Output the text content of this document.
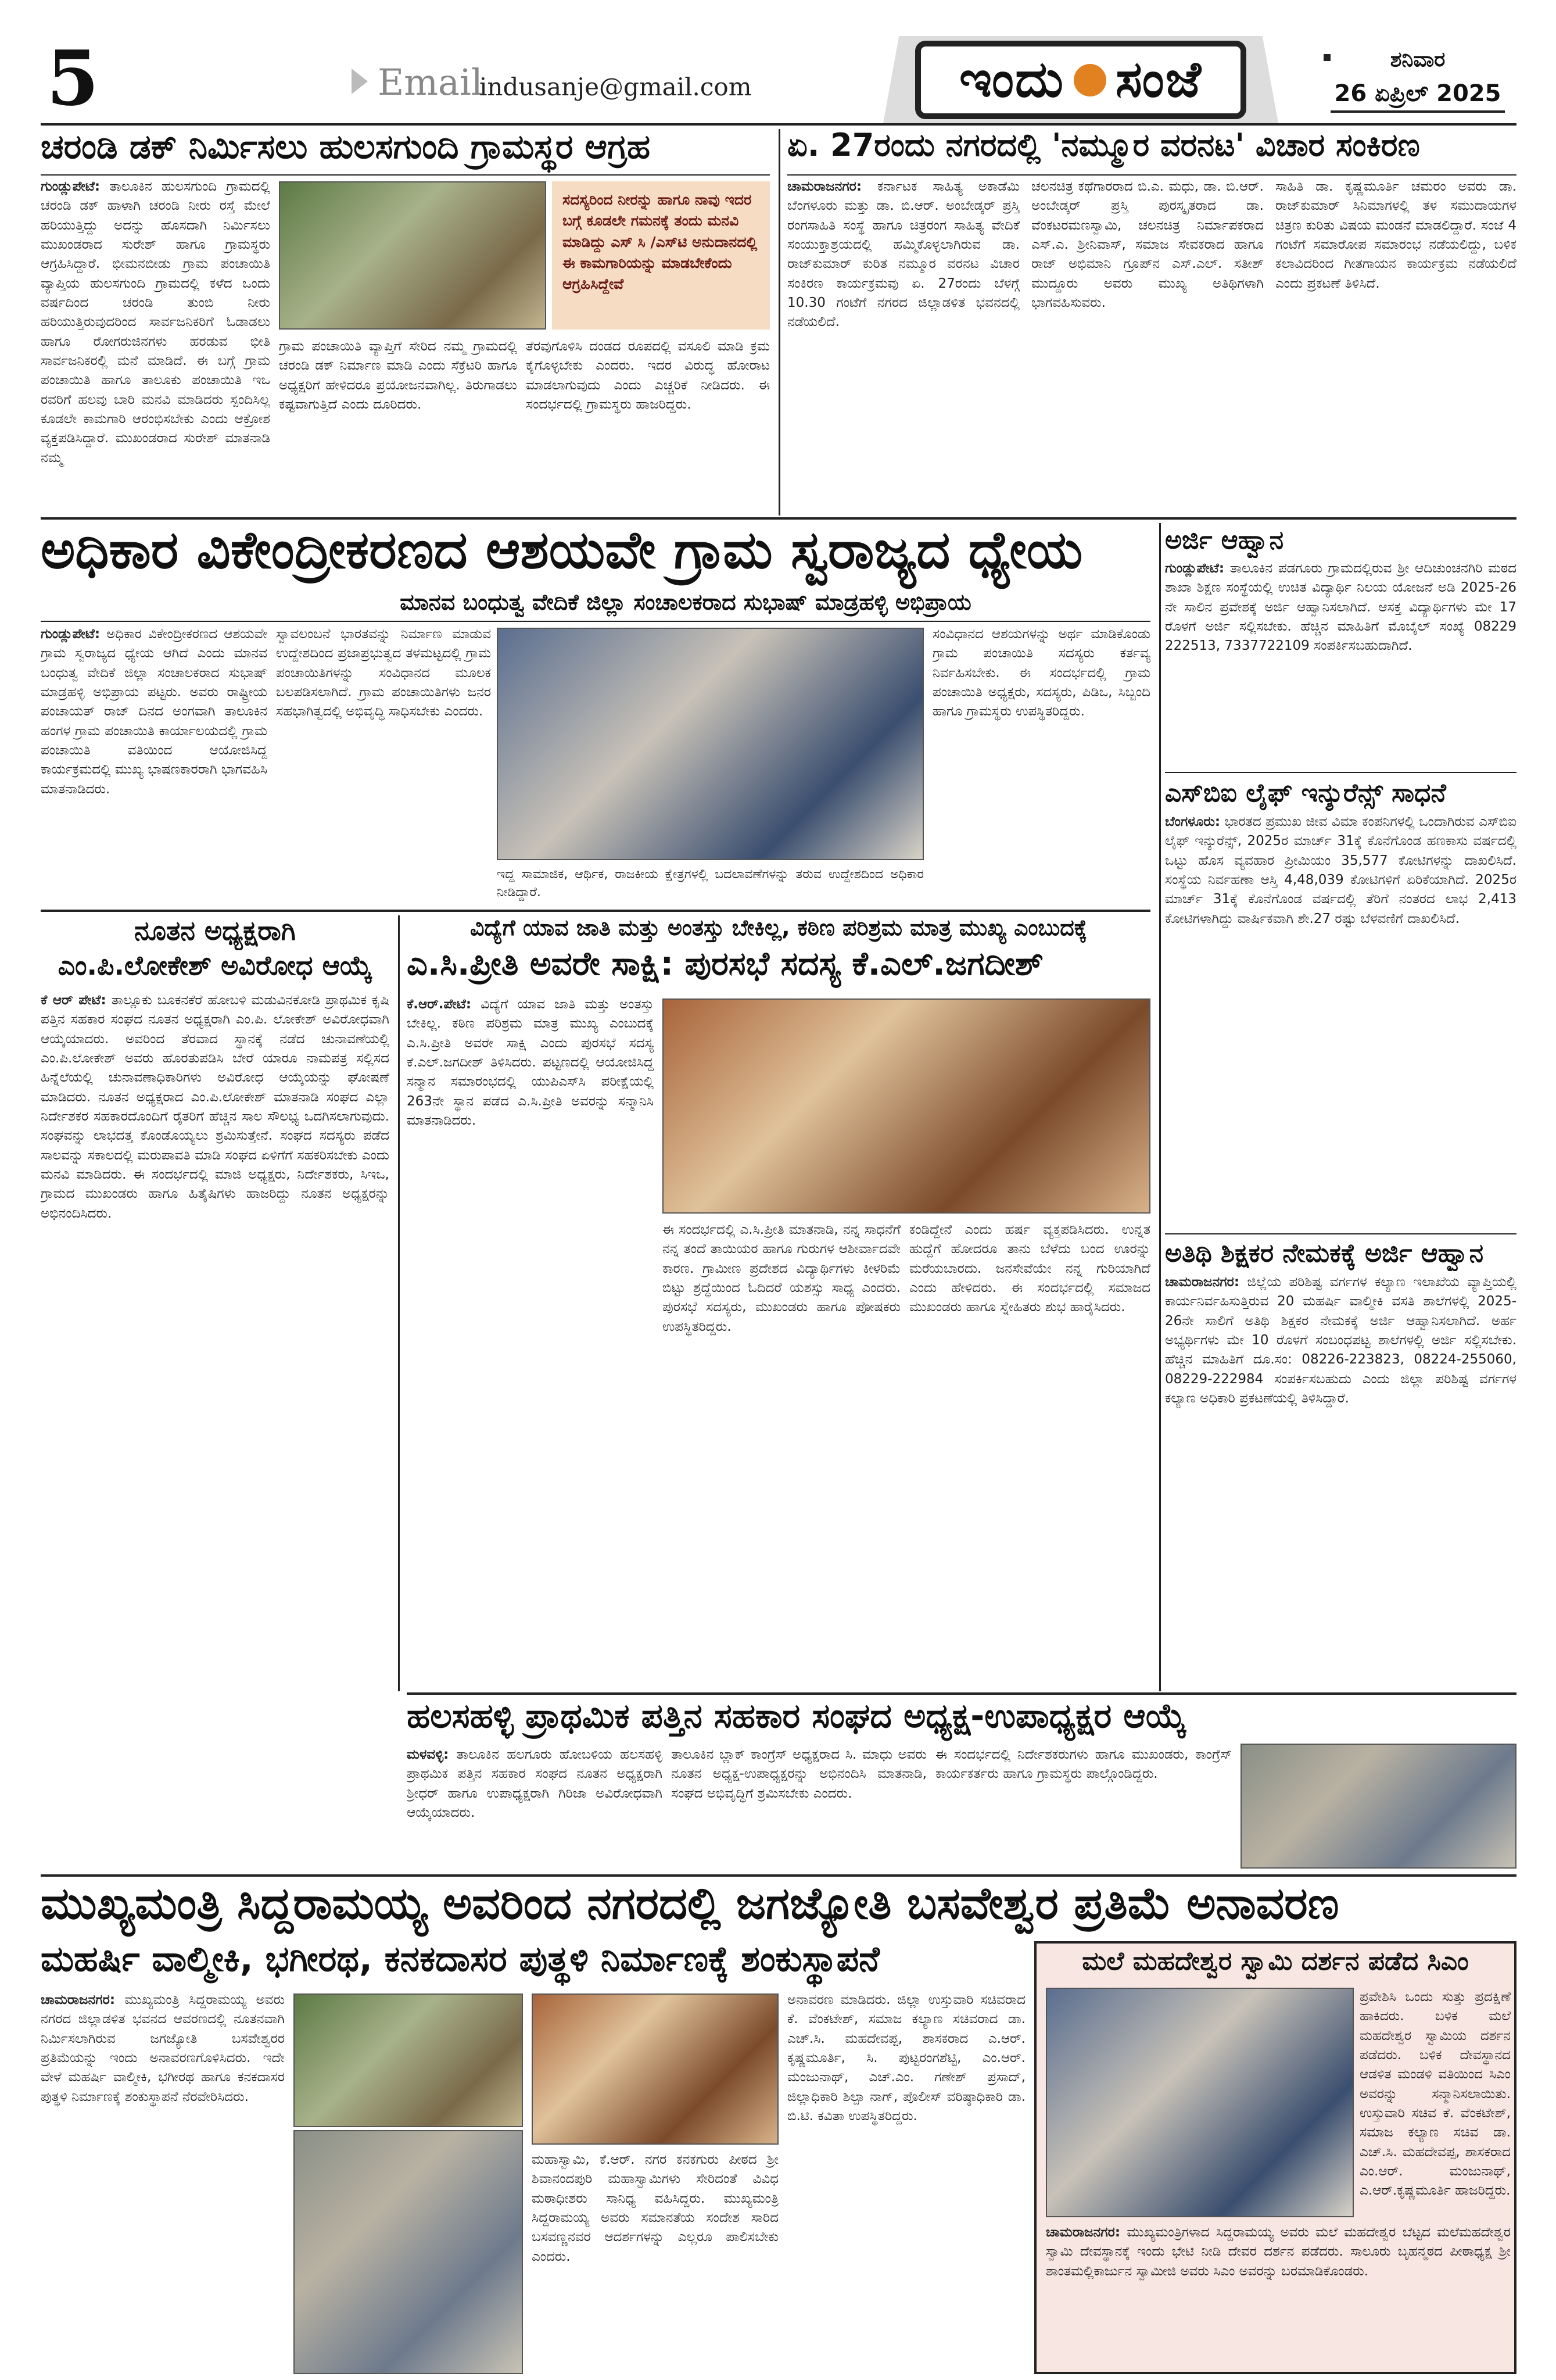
5	Email
indusanje@gmail.com	ಇಂದು ಸಂಜೆ	ಶನಿವಾರ
26 ಏಪ್ರಿಲ್ 2025
ಚರಂಡಿ ಡಕ್ ನಿರ್ಮಿಸಲು ಹುಲಸಗುಂದಿ ಗ್ರಾಮಸ್ಥರ ಆಗ್ರಹ
ಗುಂಡ್ಲುಪೇಟೆ: ತಾಲೂಕಿನ ಹುಲಸಗುಂದಿ ಗ್ರಾಮದಲ್ಲಿ ಚರಂಡಿ ಡಕ್ ಹಾಳಾಗಿ ಚರಂಡಿ ನೀರು ರಸ್ತೆ ಮೇಲೆ ಹರಿಯುತ್ತಿದ್ದು ಅದನ್ನು ಹೊಸದಾಗಿ ನಿರ್ಮಿಸಲು ಮುಖಂಡರಾದ ಸುರೇಶ್ ಹಾಗೂ ಗ್ರಾಮಸ್ಥರು ಆಗ್ರಹಿಸಿದ್ದಾರೆ. ಭೀಮನಬೀಡು ಗ್ರಾಮ ಪಂಚಾಯಿತಿ ವ್ಯಾಪ್ತಿಯ ಹುಲಸಗುಂದಿ ಗ್ರಾಮದಲ್ಲಿ ಕಳೆದ ಒಂದು ವರ್ಷದಿಂದ ಚರಂಡಿ ತುಂಬಿ ನೀರು ಹರಿಯುತ್ತಿರುವುದರಿಂದ ಸಾರ್ವಜನಿಕರಿಗೆ ಓಡಾಡಲು ಹಾಗೂ ರೋಗರುಜಿನಗಳು ಹರಡುವ ಭೀತಿ ಸಾರ್ವಜನಿಕರಲ್ಲಿ ಮನೆ ಮಾಡಿದೆ. ಈ ಬಗ್ಗೆ ಗ್ರಾಮ ಪಂಚಾಯಿತಿ ಹಾಗೂ ತಾಲೂಕು ಪಂಚಾಯಿತಿ ಇಒ ರವರಿಗೆ ಹಲವು ಬಾರಿ ಮನವಿ ಮಾಡಿದರು ಸ್ಪಂದಿಸಿಲ್ಲ ಕೂಡಲೇ ಕಾಮಗಾರಿ ಆರಂಭಿಸಬೇಕು ಎಂದು ಆಕ್ರೋಶ ವ್ಯಕ್ತಪಡಿಸಿದ್ದಾರೆ. ಮುಖಂಡರಾದ ಸುರೇಶ್ ಮಾತನಾಡಿ ನಮ್ಮ
ಸದಸ್ಯರಿಂದ ನೀರನ್ನು ಹಾಗೂ ನಾವು ಇದರ ಬಗ್ಗೆ ಕೂಡಲೇ ಗಮನಕ್ಕೆ ತಂದು ಮನವಿ ಮಾಡಿದ್ದು ಎಸ್ ಸಿ /ಎಸ್‌ಟಿ ಅನುದಾನದಲ್ಲಿ ಈ ಕಾಮಗಾರಿಯನ್ನು ಮಾಡಬೇಕೆಂದು ಆಗ್ರಹಿಸಿದ್ದೇವೆ
ಗ್ರಾಮ ಪಂಚಾಯಿತಿ ವ್ಯಾಪ್ತಿಗೆ ಸೇರಿದ ನಮ್ಮ ಗ್ರಾಮದಲ್ಲಿ ಚರಂಡಿ ಡಕ್ ನಿರ್ಮಾಣ ಮಾಡಿ ಎಂದು ಸೆಕ್ರೆಟರಿ ಹಾಗೂ ಅಧ್ಯಕ್ಷರಿಗೆ ಹೇಳಿದರೂ ಪ್ರಯೋಜನವಾಗಿಲ್ಲ. ತಿರುಗಾಡಲು ಕಷ್ಟವಾಗುತ್ತಿದೆ ಎಂದು ದೂರಿದರು.
ತೆರವುಗೊಳಿಸಿ ದಂಡದ ರೂಪದಲ್ಲಿ ವಸೂಲಿ ಮಾಡಿ ಕ್ರಮ ಕೈಗೊಳ್ಳಬೇಕು ಎಂದರು. ಇದರ ವಿರುದ್ಧ ಹೋರಾಟ ಮಾಡಲಾಗುವುದು ಎಂದು ಎಚ್ಚರಿಕೆ ನೀಡಿದರು. ಈ ಸಂದರ್ಭದಲ್ಲಿ ಗ್ರಾಮಸ್ಥರು ಹಾಜರಿದ್ದರು.
ಏ. 27ರಂದು ನಗರದಲ್ಲಿ 'ನಮ್ಮೂರ ವರನಟ' ವಿಚಾರ ಸಂಕಿರಣ
ಚಾಮರಾಜನಗರ: ಕರ್ನಾಟಕ ಸಾಹಿತ್ಯ ಅಕಾಡೆಮಿ ಬೆಂಗಳೂರು ಮತ್ತು ಡಾ. ಬಿ.ಆರ್. ಅಂಬೇಡ್ಕರ್ ಪ್ರಸ್ತಿ ರಂಗಸಾಹಿತಿ ಸಂಸ್ಥೆ ಹಾಗೂ ಚಿತ್ರರಂಗ ಸಾಹಿತ್ಯ ವೇದಿಕೆ ಸಂಯುಕ್ತಾಶ್ರಯದಲ್ಲಿ ಹಮ್ಮಿಕೊಳ್ಳಲಾಗಿರುವ ಡಾ. ರಾಜ್‌ಕುಮಾರ್ ಕುರಿತ ನಮ್ಮೂರ ವರನಟ ವಿಚಾರ ಸಂಕಿರಣ ಕಾರ್ಯಕ್ರಮವು ಏ. 27ರಂದು ಬೆಳಗ್ಗೆ 10.30 ಗಂಟೆಗೆ ನಗರದ ಜಿಲ್ಲಾಡಳಿತ ಭವನದಲ್ಲಿ ನಡೆಯಲಿದೆ.
ಚಲನಚಿತ್ರ ಕಥೆಗಾರರಾದ ಬಿ.ಎ. ಮಧು, ಡಾ. ಬಿ.ಆರ್. ಅಂಬೇಡ್ಕರ್ ಪ್ರಸ್ತಿ ಪುರಸ್ಕೃತರಾದ ಡಾ. ವೆಂಕಟರಮಣಸ್ವಾಮಿ, ಚಲನಚಿತ್ರ ನಿರ್ಮಾಪಕರಾದ ಎಸ್.ಎ. ಶ್ರೀನಿವಾಸ್, ಸಮಾಜ ಸೇವಕರಾದ ಹಾಗೂ ರಾಜ್ ಅಭಿಮಾನಿ ಗ್ರೂಪ್‌ನ ಎಸ್.ಎಲ್. ಸತೀಶ್ ಮುದ್ದೂರು ಅವರು ಮುಖ್ಯ ಅತಿಥಿಗಳಾಗಿ ಭಾಗವಹಿಸುವರು.
ಸಾಹಿತಿ ಡಾ. ಕೃಷ್ಣಮೂರ್ತಿ ಚಮರಂ ಅವರು ಡಾ. ರಾಜ್‌ಕುಮಾರ್ ಸಿನಿಮಾಗಳಲ್ಲಿ ತಳ ಸಮುದಾಯಗಳ ಚಿತ್ರಣ ಕುರಿತು ವಿಷಯ ಮಂಡನೆ ಮಾಡಲಿದ್ದಾರೆ. ಸಂಜೆ 4 ಗಂಟೆಗೆ ಸಮಾರೋಪ ಸಮಾರಂಭ ನಡೆಯಲಿದ್ದು, ಬಳಿಕ ಕಲಾವಿದರಿಂದ ಗೀತಗಾಯನ ಕಾರ್ಯಕ್ರಮ ನಡೆಯಲಿದೆ ಎಂದು ಪ್ರಕಟಣೆ ತಿಳಿಸಿದೆ.
ಅಧಿಕಾರ ವಿಕೇಂದ್ರೀಕರಣದ ಆಶಯವೇ ಗ್ರಾಮ ಸ್ವರಾಜ್ಯದ ಧ್ಯೇಯ
ಮಾನವ ಬಂಧುತ್ವ ವೇದಿಕೆ ಜಿಲ್ಲಾ ಸಂಚಾಲಕರಾದ ಸುಭಾಷ್ ಮಾಡ್ರಹಳ್ಳಿ ಅಭಿಪ್ರಾಯ
ಗುಂಡ್ಲುಪೇಟೆ: ಅಧಿಕಾರ ವಿಕೇಂದ್ರೀಕರಣದ ಆಶಯವೇ ಗ್ರಾಮ ಸ್ವರಾಜ್ಯದ ಧ್ಯೇಯ ಆಗಿದೆ ಎಂದು ಮಾನವ ಬಂಧುತ್ವ ವೇದಿಕೆ ಜಿಲ್ಲಾ ಸಂಚಾಲಕರಾದ ಸುಭಾಷ್ ಮಾಡ್ರಹಳ್ಳಿ ಅಭಿಪ್ರಾಯ ಪಟ್ಟರು. ಅವರು ರಾಷ್ಟ್ರೀಯ ಪಂಚಾಯತ್ ರಾಜ್ ದಿನದ ಅಂಗವಾಗಿ ತಾಲೂಕಿನ ಹಂಗಳ ಗ್ರಾಮ ಪಂಚಾಯಿತಿ ಕಾರ್ಯಾಲಯದಲ್ಲಿ ಗ್ರಾಮ ಪಂಚಾಯಿತಿ ವತಿಯಿಂದ ಆಯೋಜಿಸಿದ್ದ ಕಾರ್ಯಕ್ರಮದಲ್ಲಿ ಮುಖ್ಯ ಭಾಷಣಕಾರರಾಗಿ ಭಾಗವಹಿಸಿ ಮಾತನಾಡಿದರು.
ಸ್ವಾವಲಂಬನೆ ಭಾರತವನ್ನು ನಿರ್ಮಾಣ ಮಾಡುವ ಉದ್ದೇಶದಿಂದ ಪ್ರಜಾಪ್ರಭುತ್ವದ ತಳಮಟ್ಟದಲ್ಲಿ ಗ್ರಾಮ ಪಂಚಾಯಿತಿಗಳನ್ನು ಸಂವಿಧಾನದ ಮೂಲಕ ಬಲಪಡಿಸಲಾಗಿದೆ. ಗ್ರಾಮ ಪಂಚಾಯಿತಿಗಳು ಜನರ ಸಹಭಾಗಿತ್ವದಲ್ಲಿ ಅಭಿವೃದ್ಧಿ ಸಾಧಿಸಬೇಕು ಎಂದರು.
ಇದ್ದ ಸಾಮಾಜಿಕ, ಆರ್ಥಿಕ, ರಾಜಕೀಯ ಕ್ಷೇತ್ರಗಳಲ್ಲಿ ಬದಲಾವಣೆಗಳನ್ನು ತರುವ ಉದ್ದೇಶದಿಂದ ಅಧಿಕಾರ ನೀಡಿದ್ದಾರೆ.
ಸಂವಿಧಾನದ ಆಶಯಗಳನ್ನು ಅರ್ಥ ಮಾಡಿಕೊಂಡು ಗ್ರಾಮ ಪಂಚಾಯಿತಿ ಸದಸ್ಯರು ಕರ್ತವ್ಯ ನಿರ್ವಹಿಸಬೇಕು. ಈ ಸಂದರ್ಭದಲ್ಲಿ ಗ್ರಾಮ ಪಂಚಾಯಿತಿ ಅಧ್ಯಕ್ಷರು, ಸದಸ್ಯರು, ಪಿಡಿಒ, ಸಿಬ್ಬಂದಿ ಹಾಗೂ ಗ್ರಾಮಸ್ಥರು ಉಪಸ್ಥಿತರಿದ್ದರು.
ಅರ್ಜಿ ಆಹ್ವಾನ
ಗುಂಡ್ಲುಪೇಟೆ: ತಾಲೂಕಿನ ಪಡಗೂರು ಗ್ರಾಮದಲ್ಲಿರುವ ಶ್ರೀ ಆದಿಚುಂಚನಗಿರಿ ಮಠದ ಶಾಖಾ ಶಿಕ್ಷಣ ಸಂಸ್ಥೆಯಲ್ಲಿ ಉಚಿತ ವಿದ್ಯಾರ್ಥಿ ನಿಲಯ ಯೋಜನೆ ಅಡಿ 2025-26 ನೇ ಸಾಲಿನ ಪ್ರವೇಶಕ್ಕೆ ಅರ್ಜಿ ಆಹ್ವಾನಿಸಲಾಗಿದೆ. ಆಸಕ್ತ ವಿದ್ಯಾರ್ಥಿಗಳು ಮೇ 17 ರೊಳಗೆ ಅರ್ಜಿ ಸಲ್ಲಿಸಬೇಕು. ಹೆಚ್ಚಿನ ಮಾಹಿತಿಗೆ ಮೊಬೈಲ್ ಸಂಖ್ಯೆ 08229 222513, 7337722109 ಸಂಪರ್ಕಿಸಬಹುದಾಗಿದೆ.
ಎಸ್‌ಬಿಐ ಲೈಫ್ ಇನ್ಶುರೆನ್ಸ್ ಸಾಧನೆ
ಬೆಂಗಳೂರು: ಭಾರತದ ಪ್ರಮುಖ ಜೀವ ವಿಮಾ ಕಂಪನಿಗಳಲ್ಲಿ ಒಂದಾಗಿರುವ ಎಸ್‌ಬಿಐ ಲೈಫ್ ಇನ್ಶುರೆನ್ಸ್, 2025ರ ಮಾರ್ಚ್ 31ಕ್ಕೆ ಕೊನೆಗೊಂಡ ಹಣಕಾಸು ವರ್ಷದಲ್ಲಿ ಒಟ್ಟು ಹೊಸ ವ್ಯವಹಾರ ಪ್ರೀಮಿಯಂ 35,577 ಕೋಟಿಗಳನ್ನು ದಾಖಲಿಸಿದೆ. ಸಂಸ್ಥೆಯ ನಿರ್ವಹಣಾ ಆಸ್ತಿ 4,48,039 ಕೋಟಿಗಳಿಗೆ ಏರಿಕೆಯಾಗಿದೆ. 2025ರ ಮಾರ್ಚ್ 31ಕ್ಕೆ ಕೊನೆಗೊಂಡ ವರ್ಷದಲ್ಲಿ ತೆರಿಗೆ ನಂತರದ ಲಾಭ 2,413 ಕೋಟಿಗಳಾಗಿದ್ದು ವಾರ್ಷಿಕವಾಗಿ ಶೇ.27 ರಷ್ಟು ಬೆಳವಣಿಗೆ ದಾಖಲಿಸಿದೆ.
ಅತಿಥಿ ಶಿಕ್ಷಕರ ನೇಮಕಕ್ಕೆ ಅರ್ಜಿ ಆಹ್ವಾನ
ಚಾಮರಾಜನಗರ: ಜಿಲ್ಲೆಯ ಪರಿಶಿಷ್ಟ ವರ್ಗಗಳ ಕಲ್ಯಾಣ ಇಲಾಖೆಯ ವ್ಯಾಪ್ತಿಯಲ್ಲಿ ಕಾರ್ಯನಿರ್ವಹಿಸುತ್ತಿರುವ 20 ಮಹರ್ಷಿ ವಾಲ್ಮೀಕಿ ವಸತಿ ಶಾಲೆಗಳಲ್ಲಿ 2025-26ನೇ ಸಾಲಿಗೆ ಅತಿಥಿ ಶಿಕ್ಷಕರ ನೇಮಕಕ್ಕೆ ಅರ್ಜಿ ಆಹ್ವಾನಿಸಲಾಗಿದೆ. ಅರ್ಹ ಅಭ್ಯರ್ಥಿಗಳು ಮೇ 10 ರೊಳಗೆ ಸಂಬಂಧಪಟ್ಟ ಶಾಲೆಗಳಲ್ಲಿ ಅರ್ಜಿ ಸಲ್ಲಿಸಬೇಕು. ಹೆಚ್ಚಿನ ಮಾಹಿತಿಗೆ ದೂ.ಸಂ: 08226-223823, 08224-255060, 08229-222984 ಸಂಪರ್ಕಿಸಬಹುದು ಎಂದು ಜಿಲ್ಲಾ ಪರಿಶಿಷ್ಟ ವರ್ಗಗಳ ಕಲ್ಯಾಣ ಅಧಿಕಾರಿ ಪ್ರಕಟಣೆಯಲ್ಲಿ ತಿಳಿಸಿದ್ದಾರೆ.
ನೂತನ ಅಧ್ಯಕ್ಷರಾಗಿ
ಎಂ.ಪಿ.ಲೋಕೇಶ್ ಅವಿರೋಧ ಆಯ್ಕೆ
ಕೆ ಆರ್ ಪೇಟೆ: ತಾಲ್ಲೂಕು ಬೂಕನಕೆರೆ ಹೋಬಳಿ ಮಡುವಿನಕೋಡಿ ಪ್ರಾಥಮಿಕ ಕೃಷಿ ಪತ್ತಿನ ಸಹಕಾರ ಸಂಘದ ನೂತನ ಅಧ್ಯಕ್ಷರಾಗಿ ಎಂ.ಪಿ. ಲೋಕೇಶ್ ಅವಿರೋಧವಾಗಿ ಆಯ್ಕೆಯಾದರು. ಅವರಿಂದ ತೆರವಾದ ಸ್ಥಾನಕ್ಕೆ ನಡೆದ ಚುನಾವಣೆಯಲ್ಲಿ ಎಂ.ಪಿ.ಲೋಕೇಶ್ ಅವರು ಹೊರತುಪಡಿಸಿ ಬೇರೆ ಯಾರೂ ನಾಮಪತ್ರ ಸಲ್ಲಿಸದ ಹಿನ್ನೆಲೆಯಲ್ಲಿ ಚುನಾವಣಾಧಿಕಾರಿಗಳು ಅವಿರೋಧ ಆಯ್ಕೆಯನ್ನು ಘೋಷಣೆ ಮಾಡಿದರು. ನೂತನ ಅಧ್ಯಕ್ಷರಾದ ಎಂ.ಪಿ.ಲೋಕೇಶ್ ಮಾತನಾಡಿ ಸಂಘದ ಎಲ್ಲಾ ನಿರ್ದೇಶಕರ ಸಹಕಾರದೊಂದಿಗೆ ರೈತರಿಗೆ ಹೆಚ್ಚಿನ ಸಾಲ ಸೌಲಭ್ಯ ಒದಗಿಸಲಾಗುವುದು. ಸಂಘವನ್ನು ಲಾಭದತ್ತ ಕೊಂಡೊಯ್ಯಲು ಶ್ರಮಿಸುತ್ತೇನೆ. ಸಂಘದ ಸದಸ್ಯರು ಪಡೆದ ಸಾಲವನ್ನು ಸಕಾಲದಲ್ಲಿ ಮರುಪಾವತಿ ಮಾಡಿ ಸಂಘದ ಏಳಿಗೆಗೆ ಸಹಕರಿಸಬೇಕು ಎಂದು ಮನವಿ ಮಾಡಿದರು. ಈ ಸಂದರ್ಭದಲ್ಲಿ ಮಾಜಿ ಅಧ್ಯಕ್ಷರು, ನಿರ್ದೇಶಕರು, ಸಿಇಒ, ಗ್ರಾಮದ ಮುಖಂಡರು ಹಾಗೂ ಹಿತೈಷಿಗಳು ಹಾಜರಿದ್ದು ನೂತನ ಅಧ್ಯಕ್ಷರನ್ನು ಅಭಿನಂದಿಸಿದರು.
ವಿದ್ಯೆಗೆ ಯಾವ ಜಾತಿ ಮತ್ತು ಅಂತಸ್ತು ಬೇಕಿಲ್ಲ, ಕಠಿಣ ಪರಿಶ್ರಮ ಮಾತ್ರ ಮುಖ್ಯ ಎಂಬುದಕ್ಕೆ
ಎ.ಸಿ.ಪ್ರೀತಿ ಅವರೇ ಸಾಕ್ಷಿ: ಪುರಸಭೆ ಸದಸ್ಯ ಕೆ.ಎಲ್.ಜಗದೀಶ್
ಕೆ.ಆರ್.ಪೇಟೆ: ವಿದ್ಯೆಗೆ ಯಾವ ಜಾತಿ ಮತ್ತು ಅಂತಸ್ತು ಬೇಕಿಲ್ಲ. ಕಠಿಣ ಪರಿಶ್ರಮ ಮಾತ್ರ ಮುಖ್ಯ ಎಂಬುದಕ್ಕೆ ಎ.ಸಿ.ಪ್ರೀತಿ ಅವರೇ ಸಾಕ್ಷಿ ಎಂದು ಪುರಸಭೆ ಸದಸ್ಯ ಕೆ.ಎಲ್.ಜಗದೀಶ್ ತಿಳಿಸಿದರು. ಪಟ್ಟಣದಲ್ಲಿ ಆಯೋಜಿಸಿದ್ದ ಸನ್ಮಾನ ಸಮಾರಂಭದಲ್ಲಿ ಯುಪಿಎಸ್‌ಸಿ ಪರೀಕ್ಷೆಯಲ್ಲಿ 263ನೇ ಸ್ಥಾನ ಪಡೆದ ಎ.ಸಿ.ಪ್ರೀತಿ ಅವರನ್ನು ಸನ್ಮಾನಿಸಿ ಮಾತನಾಡಿದರು.
ಈ ಸಂದರ್ಭದಲ್ಲಿ ಎ.ಸಿ.ಪ್ರೀತಿ ಮಾತನಾಡಿ, ನನ್ನ ಸಾಧನೆಗೆ ನನ್ನ ತಂದೆ ತಾಯಿಯರ ಹಾಗೂ ಗುರುಗಳ ಆಶೀರ್ವಾದವೇ ಕಾರಣ. ಗ್ರಾಮೀಣ ಪ್ರದೇಶದ ವಿದ್ಯಾರ್ಥಿಗಳು ಕೀಳರಿಮೆ ಬಿಟ್ಟು ಶ್ರದ್ಧೆಯಿಂದ ಓದಿದರೆ ಯಶಸ್ಸು ಸಾಧ್ಯ ಎಂದರು. ಪುರಸಭೆ ಸದಸ್ಯರು, ಮುಖಂಡರು ಹಾಗೂ ಪೋಷಕರು ಉಪಸ್ಥಿತರಿದ್ದರು.
ಕಂಡಿದ್ದೇನೆ ಎಂದು ಹರ್ಷ ವ್ಯಕ್ತಪಡಿಸಿದರು. ಉನ್ನತ ಹುದ್ದೆಗೆ ಹೋದರೂ ತಾನು ಬೆಳೆದು ಬಂದ ಊರನ್ನು ಮರೆಯಬಾರದು. ಜನಸೇವೆಯೇ ನನ್ನ ಗುರಿಯಾಗಿದೆ ಎಂದು ಹೇಳಿದರು. ಈ ಸಂದರ್ಭದಲ್ಲಿ ಸಮಾಜದ ಮುಖಂಡರು ಹಾಗೂ ಸ್ನೇಹಿತರು ಶುಭ ಹಾರೈಸಿದರು.
ಹಲಸಹಳ್ಳಿ ಪ್ರಾಥಮಿಕ ಪತ್ತಿನ ಸಹಕಾರ ಸಂಘದ ಅಧ್ಯಕ್ಷ-ಉಪಾಧ್ಯಕ್ಷರ ಆಯ್ಕೆ
ಮಳವಳ್ಳಿ: ತಾಲೂಕಿನ ಹಲಗೂರು ಹೋಬಳಿಯ ಹಲಸಹಳ್ಳಿ ಪ್ರಾಥಮಿಕ ಪತ್ತಿನ ಸಹಕಾರ ಸಂಘದ ನೂತನ ಅಧ್ಯಕ್ಷರಾಗಿ ಶ್ರೀಧರ್ ಹಾಗೂ ಉಪಾಧ್ಯಕ್ಷರಾಗಿ ಗಿರಿಜಾ ಅವಿರೋಧವಾಗಿ ಆಯ್ಕೆಯಾದರು.
ತಾಲೂಕಿನ ಬ್ಲಾಕ್ ಕಾಂಗ್ರೆಸ್ ಅಧ್ಯಕ್ಷರಾದ ಸಿ. ಮಾಧು ಅವರು ನೂತನ ಅಧ್ಯಕ್ಷ-ಉಪಾಧ್ಯಕ್ಷರನ್ನು ಅಭಿನಂದಿಸಿ ಮಾತನಾಡಿ, ಸಂಘದ ಅಭಿವೃದ್ಧಿಗೆ ಶ್ರಮಿಸಬೇಕು ಎಂದರು.
ಈ ಸಂದರ್ಭದಲ್ಲಿ ನಿರ್ದೇಶಕರುಗಳು ಹಾಗೂ ಮುಖಂಡರು, ಕಾಂಗ್ರೆಸ್ ಕಾರ್ಯಕರ್ತರು ಹಾಗೂ ಗ್ರಾಮಸ್ಥರು ಪಾಲ್ಗೊಂಡಿದ್ದರು.
ಮುಖ್ಯಮಂತ್ರಿ ಸಿದ್ದರಾಮಯ್ಯ ಅವರಿಂದ ನಗರದಲ್ಲಿ ಜಗಜ್ಯೋತಿ ಬಸವೇಶ್ವರ ಪ್ರತಿಮೆ ಅನಾವರಣ
ಮಹರ್ಷಿ ವಾಲ್ಮೀಕಿ, ಭಗೀರಥ, ಕನಕದಾಸರ ಪುತ್ಥಳಿ ನಿರ್ಮಾಣಕ್ಕೆ ಶಂಕುಸ್ಥಾಪನೆ
ಚಾಮರಾಜನಗರ: ಮುಖ್ಯಮಂತ್ರಿ ಸಿದ್ದರಾಮಯ್ಯ ಅವರು ನಗರದ ಜಿಲ್ಲಾಡಳಿತ ಭವನದ ಆವರಣದಲ್ಲಿ ನೂತನವಾಗಿ ನಿರ್ಮಿಸಲಾಗಿರುವ ಜಗಜ್ಯೋತಿ ಬಸವೇಶ್ವರರ ಪ್ರತಿಮೆಯನ್ನು ಇಂದು ಅನಾವರಣಗೊಳಿಸಿದರು. ಇದೇ ವೇಳೆ ಮಹರ್ಷಿ ವಾಲ್ಮೀಕಿ, ಭಗೀರಥ ಹಾಗೂ ಕನಕದಾಸರ ಪುತ್ಥಳಿ ನಿರ್ಮಾಣಕ್ಕೆ ಶಂಕುಸ್ಥಾಪನೆ ನೆರವೇರಿಸಿದರು.
ಮಹಾಸ್ವಾಮಿ, ಕೆ.ಆರ್. ನಗರ ಕನಕಗುರು ಪೀಠದ ಶ್ರೀ ಶಿವಾನಂದಪುರಿ ಮಹಾಸ್ವಾಮಿಗಳು ಸೇರಿದಂತೆ ವಿವಿಧ ಮಠಾಧೀಶರು ಸಾನಿಧ್ಯ ವಹಿಸಿದ್ದರು. ಮುಖ್ಯಮಂತ್ರಿ ಸಿದ್ದರಾಮಯ್ಯ ಅವರು ಸಮಾನತೆಯ ಸಂದೇಶ ಸಾರಿದ ಬಸವಣ್ಣನವರ ಆದರ್ಶಗಳನ್ನು ಎಲ್ಲರೂ ಪಾಲಿಸಬೇಕು ಎಂದರು.
ಅನಾವರಣ ಮಾಡಿದರು. ಜಿಲ್ಲಾ ಉಸ್ತುವಾರಿ ಸಚಿವರಾದ ಕೆ. ವೆಂಕಟೇಶ್, ಸಮಾಜ ಕಲ್ಯಾಣ ಸಚಿವರಾದ ಡಾ. ಎಚ್.ಸಿ. ಮಹದೇವಪ್ಪ, ಶಾಸಕರಾದ ಎ.ಆರ್. ಕೃಷ್ಣಮೂರ್ತಿ, ಸಿ. ಪುಟ್ಟರಂಗಶೆಟ್ಟಿ, ಎಂ.ಆರ್. ಮಂಜುನಾಥ್, ಎಚ್.ಎಂ. ಗಣೇಶ್ ಪ್ರಸಾದ್, ಜಿಲ್ಲಾಧಿಕಾರಿ ಶಿಲ್ಪಾ ನಾಗ್, ಪೊಲೀಸ್ ವರಿಷ್ಠಾಧಿಕಾರಿ ಡಾ. ಬಿ.ಟಿ. ಕವಿತಾ ಉಪಸ್ಥಿತರಿದ್ದರು.
ಮಲೆ ಮಹದೇಶ್ವರ ಸ್ವಾಮಿ ದರ್ಶನ ಪಡೆದ ಸಿಎಂ
ಪ್ರವೇಶಿಸಿ ಒಂದು ಸುತ್ತು ಪ್ರದಕ್ಷಿಣೆ ಹಾಕಿದರು. ಬಳಿಕ ಮಲೆ ಮಹದೇಶ್ವರ ಸ್ವಾಮಿಯ ದರ್ಶನ ಪಡೆದರು. ಬಳಿಕ ದೇವಸ್ಥಾನದ ಆಡಳಿತ ಮಂಡಳಿ ವತಿಯಿಂದ ಸಿಎಂ ಅವರನ್ನು ಸನ್ಮಾನಿಸಲಾಯಿತು. ಉಸ್ತುವಾರಿ ಸಚಿವ ಕೆ. ವೆಂಕಟೇಶ್, ಸಮಾಜ ಕಲ್ಯಾಣ ಸಚಿವ ಡಾ. ಎಚ್.ಸಿ. ಮಹದೇವಪ್ಪ, ಶಾಸಕರಾದ ಎಂ.ಆರ್. ಮಂಜುನಾಥ್, ಎ.ಆರ್.ಕೃಷ್ಣಮೂರ್ತಿ ಹಾಜರಿದ್ದರು.
ಚಾಮರಾಜನಗರ: ಮುಖ್ಯಮಂತ್ರಿಗಳಾದ ಸಿದ್ದರಾಮಯ್ಯ ಅವರು ಮಲೆ ಮಹದೇಶ್ವರ ಬೆಟ್ಟದ ಮಲೆಮಹದೇಶ್ವರ ಸ್ವಾಮಿ ದೇವಸ್ಥಾನಕ್ಕೆ ಇಂದು ಭೇಟಿ ನೀಡಿ ದೇವರ ದರ್ಶನ ಪಡೆದರು. ಸಾಲೂರು ಬೃಹನ್ಮಠದ ಪೀಠಾಧ್ಯಕ್ಷ ಶ್ರೀ ಶಾಂತಮಲ್ಲಿಕಾರ್ಜುನ ಸ್ವಾಮೀಜಿ ಅವರು ಸಿಎಂ ಅವರನ್ನು ಬರಮಾಡಿಕೊಂಡರು.
